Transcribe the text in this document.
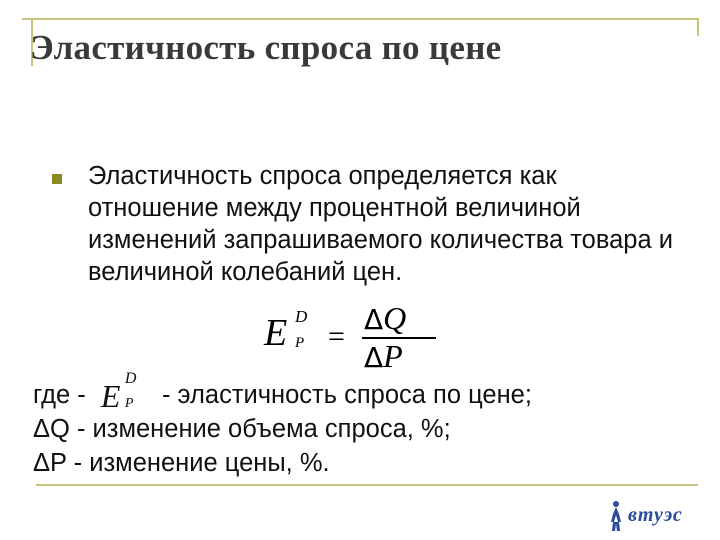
Эластичность спроса по цене

Эластичность спроса определяется как отношение между процентной величиной изменений запрашиваемого количества товара и величиной колебаний цен.

E D
P =
ΔQ
ΔP
где - E D
P - эластичность спроса по цене;
ΔQ - изменение объема спроса, %;
ΔP - изменение цены, %.
втуэс
